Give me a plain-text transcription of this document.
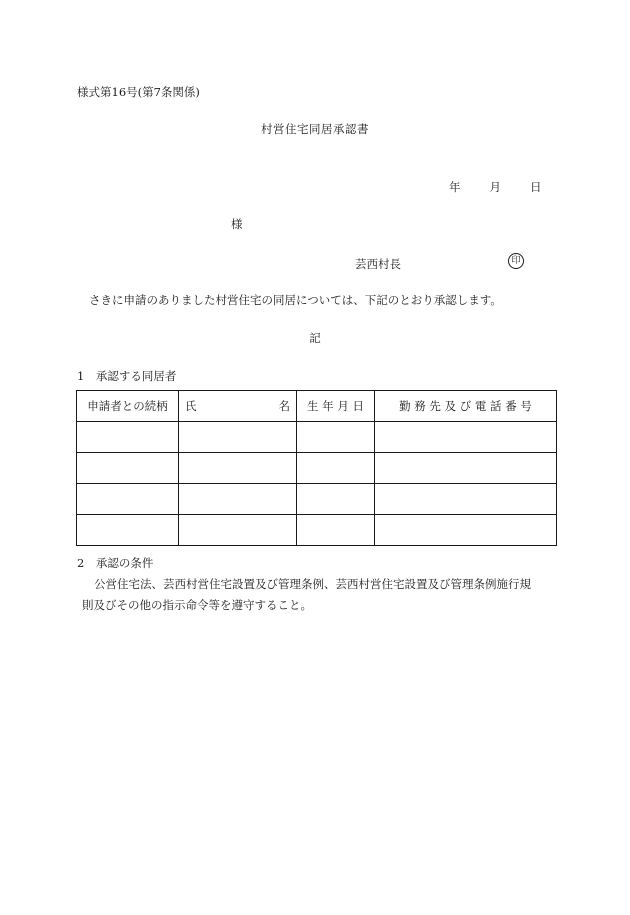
様式第16号(第7条関係)
村営住宅同居承認書
年	月	日
様
芸西村長	印
さきに申請のありました村営住宅の同居については、下記のとおり承認します。
記
1　承認する同居者
申請者との続柄	氏 名	生 年 月 日	勤 務 先 及 び 電 話 番 号

2　承認の条件
公営住宅法、芸西村営住宅設置及び管理条例、芸西村営住宅設置及び管理条例施行規
則及びその他の指示命令等を遵守すること。
